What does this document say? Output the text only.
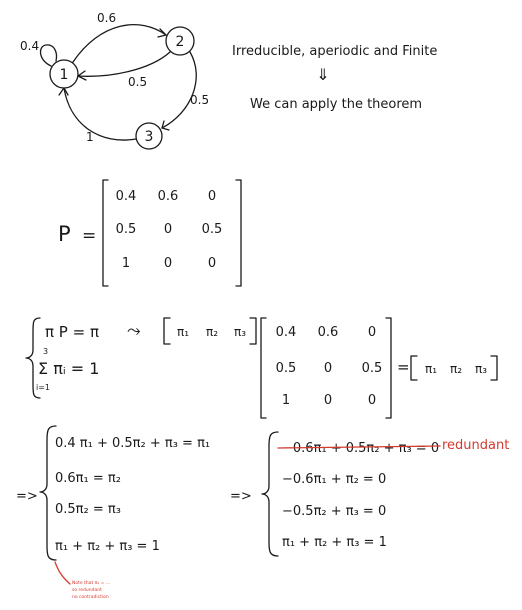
1
2
3
0.4
0.6
0.5
0.5
1
Irreducible, aperiodic and Finite
⇓
We can apply the theorem
P =
0.4 0.6 0
0.5 0 0.5
1	0	0
π P = π ⤳	π₁ π₂ π₃
Σ πᵢ = 1
3
i=1
0.4 0.6 0
0.5 0 0.5
1	0	0
= π₁ π₂ π₃
=>
0.4 π₁ + 0.5π₂ + π₃ = π₁
0.6π₁ = π₂
0.5π₂ = π₃
π₁ + π₂ + π₃ = 1
Note that π₂ = …
so redundant
no contradiction
=>
−0.6π₁ + 0.5π₂ + π₃ = 0 redundant
−0.6π₁ + π₂ = 0
−0.5π₂ + π₃ = 0
π₁ + π₂ + π₃ = 1
